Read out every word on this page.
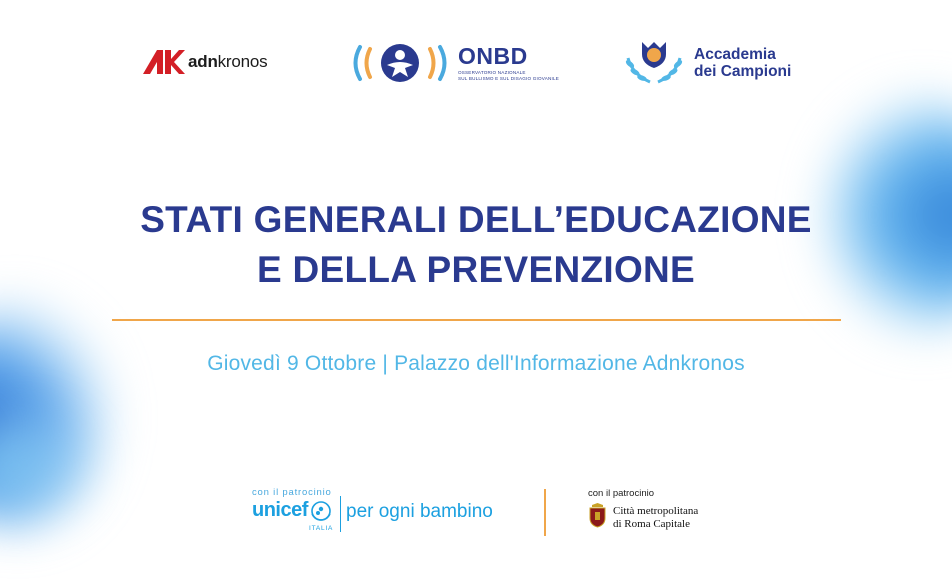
adnkronos	ONBD
OSSERVATORIO NAZIONALE
SUL BULLISMO E SUL DISAGIO GIOVANILE
Accademia
dei Campioni
STATI GENERALI DELL’EDUCAZIONE
E DELLA PREVENZIONE
Giovedì 9 Ottobre | Palazzo dell'Informazione Adnkronos
con il patrocinio
unicef per ogni bambino
ITALIA
con il patrocinio
Città metropolitana
di Roma Capitale
